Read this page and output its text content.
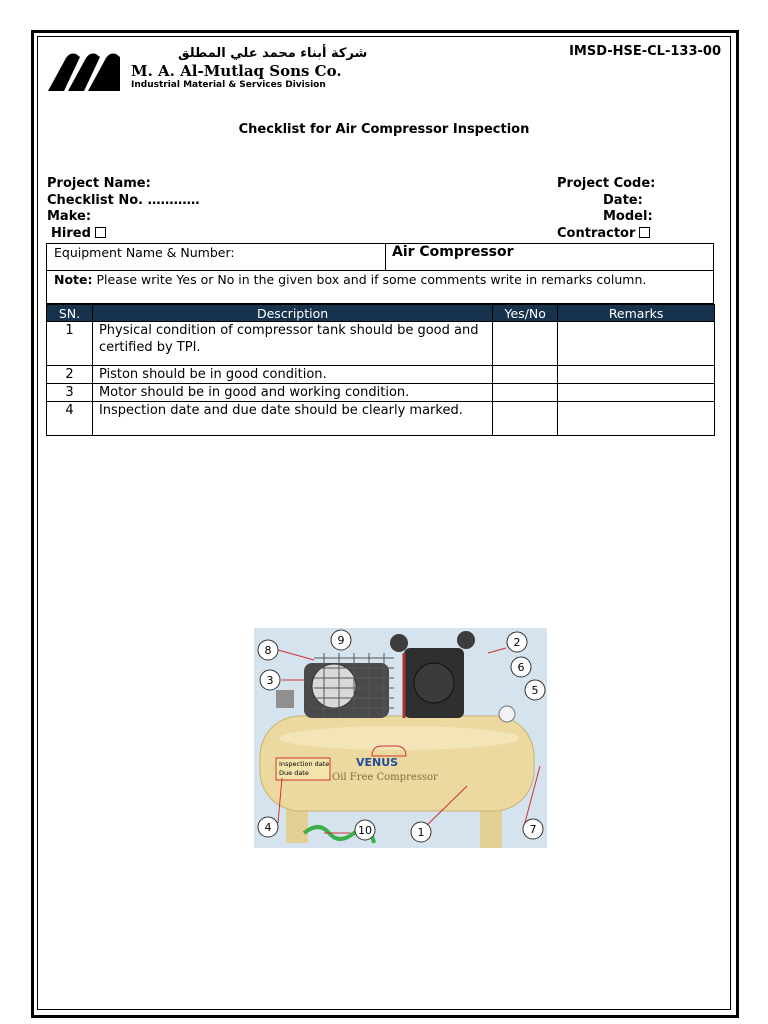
شركة أبناء محمد علي المطلق
M. A. Al-Mutlaq Sons Co.
Industrial Material & Services Division
IMSD-HSE-CL-133-00
Checklist for Air Compressor Inspection
Project Name:
Checklist No. …………
Make:
Hired
Project Code:
Date:
Model:
Contractor
Equipment Name & Number:	Air Compressor
Note: Please write Yes or No in the given box and if some comments write in remarks column.
SN.	Description	Yes/No	Remarks
1	Physical condition of compressor tank should be good and certified by TPI.		
2	Piston should be in good condition.		
3	Motor should be in good and working condition.		
4	Inspection date and due date should be clearly marked.		
Inspection date
Due date
VENUS
Oil Free Compressor
1
2
3
4
5
6
7
8
9
10
